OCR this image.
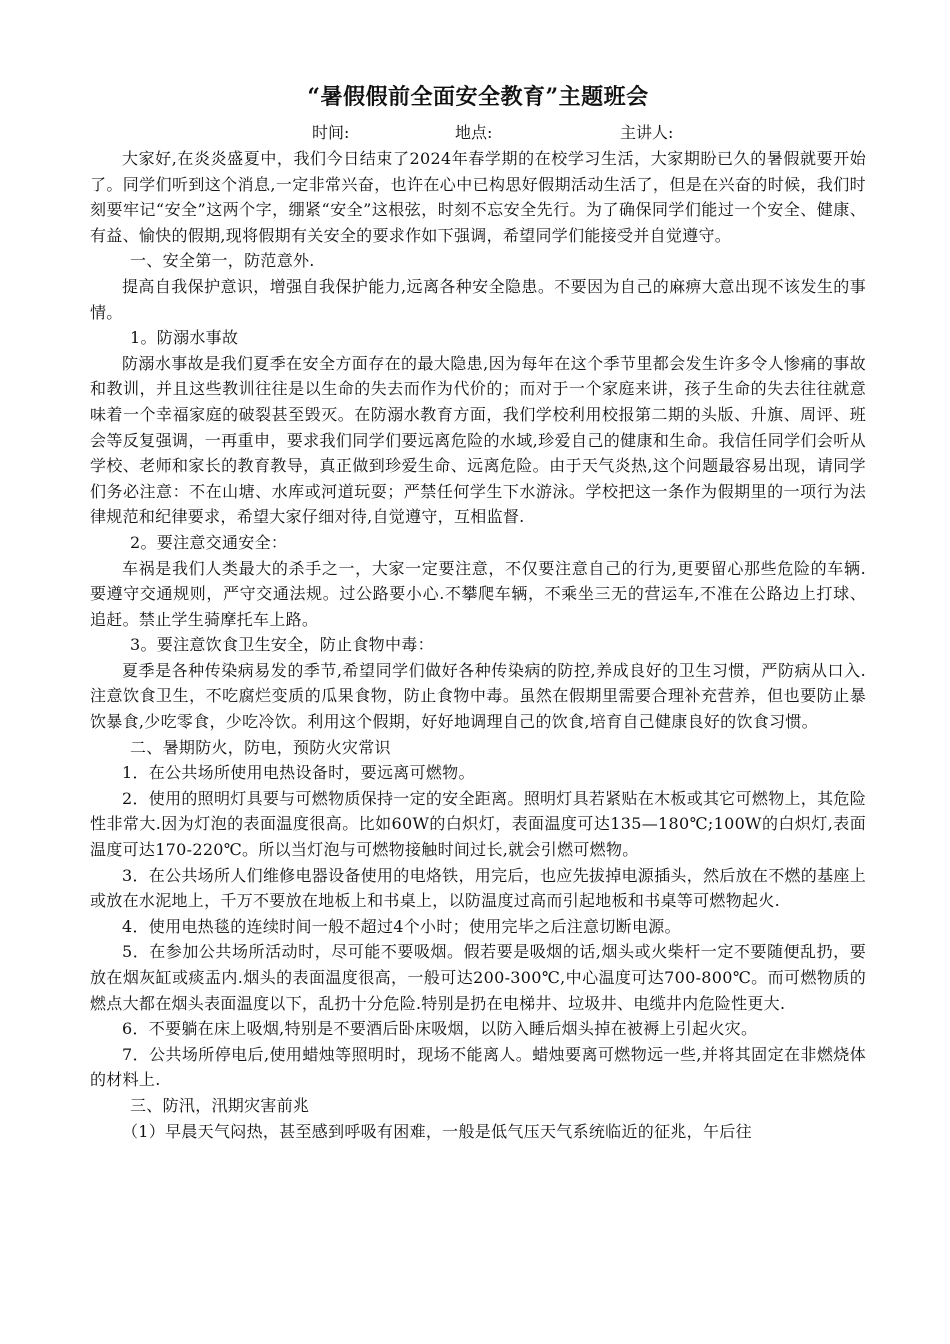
“暑假假前全面安全教育”主题班会
时间:	地点:	主讲人:

大家好,在炎炎盛夏中，我们今日结束了2024年春学期的在校学习生活，大家期盼已久的暑假就要开始了。同学们听到这个消息,一定非常兴奋，也许在心中已构思好假期活动生活了，但是在兴奋的时候，我们时刻要牢记“安全”这两个字，绷紧“安全”这根弦，时刻不忘安全先行。为了确保同学们能过一个安全、健康、有益、愉快的假期,现将假期有关安全的要求作如下强调，希望同学们能接受并自觉遵守。

一、安全第一，防范意外.

提高自我保护意识，增强自我保护能力,远离各种安全隐患。不要因为自己的麻痹大意出现不该发生的事情。

1。防溺水事故

防溺水事故是我们夏季在安全方面存在的最大隐患,因为每年在这个季节里都会发生许多令人惨痛的事故和教训，并且这些教训往往是以生命的失去而作为代价的；而对于一个家庭来讲，孩子生命的失去往往就意味着一个幸福家庭的破裂甚至毁灭。在防溺水教育方面，我们学校利用校报第二期的头版、升旗、周评、班会等反复强调，一再重申，要求我们同学们要远离危险的水域,珍爱自己的健康和生命。我信任同学们会听从学校、老师和家长的教育教导，真正做到珍爱生命、远离危险。由于天气炎热,这个问题最容易出现，请同学们务必注意：不在山塘、水库或河道玩耍；严禁任何学生下水游泳。学校把这一条作为假期里的一项行为法律规范和纪律要求，希望大家仔细对待,自觉遵守，互相监督.

2。要注意交通安全：

车祸是我们人类最大的杀手之一，大家一定要注意，不仅要注意自己的行为,更要留心那些危险的车辆.要遵守交通规则，严守交通法规。过公路要小心.不攀爬车辆，不乘坐三无的营运车,不准在公路边上打球、追赶。禁止学生骑摩托车上路。

3。要注意饮食卫生安全，防止食物中毒：

夏季是各种传染病易发的季节,希望同学们做好各种传染病的防控,养成良好的卫生习惯，严防病从口入.注意饮食卫生，不吃腐烂变质的瓜果食物，防止食物中毒。虽然在假期里需要合理补充营养，但也要防止暴饮暴食,少吃零食，少吃冷饮。利用这个假期，好好地调理自己的饮食,培育自己健康良好的饮食习惯。

二、暑期防火，防电，预防火灾常识

1．在公共场所使用电热设备时，要远离可燃物。

2．使用的照明灯具要与可燃物质保持一定的安全距离。照明灯具若紧贴在木板或其它可燃物上，其危险性非常大.因为灯泡的表面温度很高。比如60W的白炽灯，表面温度可达135—180℃;100W的白炽灯,表面温度可达170-220℃。所以当灯泡与可燃物接触时间过长,就会引燃可燃物。

3．在公共场所人们维修电器设备使用的电烙铁，用完后，也应先拔掉电源插头，然后放在不燃的基座上或放在水泥地上，千万不要放在地板上和书桌上，以防温度过高而引起地板和书桌等可燃物起火.

4．使用电热毯的连续时间一般不超过4个小时；使用完毕之后注意切断电源。

5．在参加公共场所活动时，尽可能不要吸烟。假若要是吸烟的话,烟头或火柴杆一定不要随便乱扔，要放在烟灰缸或痰盂内.烟头的表面温度很高，一般可达200-300℃,中心温度可达700-800℃。而可燃物质的燃点大都在烟头表面温度以下，乱扔十分危险.特别是扔在电梯井、垃圾井、电缆井内危险性更大.

6．不要躺在床上吸烟,特别是不要酒后卧床吸烟，以防入睡后烟头掉在被褥上引起火灾。

7．公共场所停电后,使用蜡烛等照明时，现场不能离人。蜡烛要离可燃物远一些,并将其固定在非燃烧体的材料上.

三、防汛，汛期灾害前兆

（1）早晨天气闷热，甚至感到呼吸有困难，一般是低气压天气系统临近的征兆，午后往
